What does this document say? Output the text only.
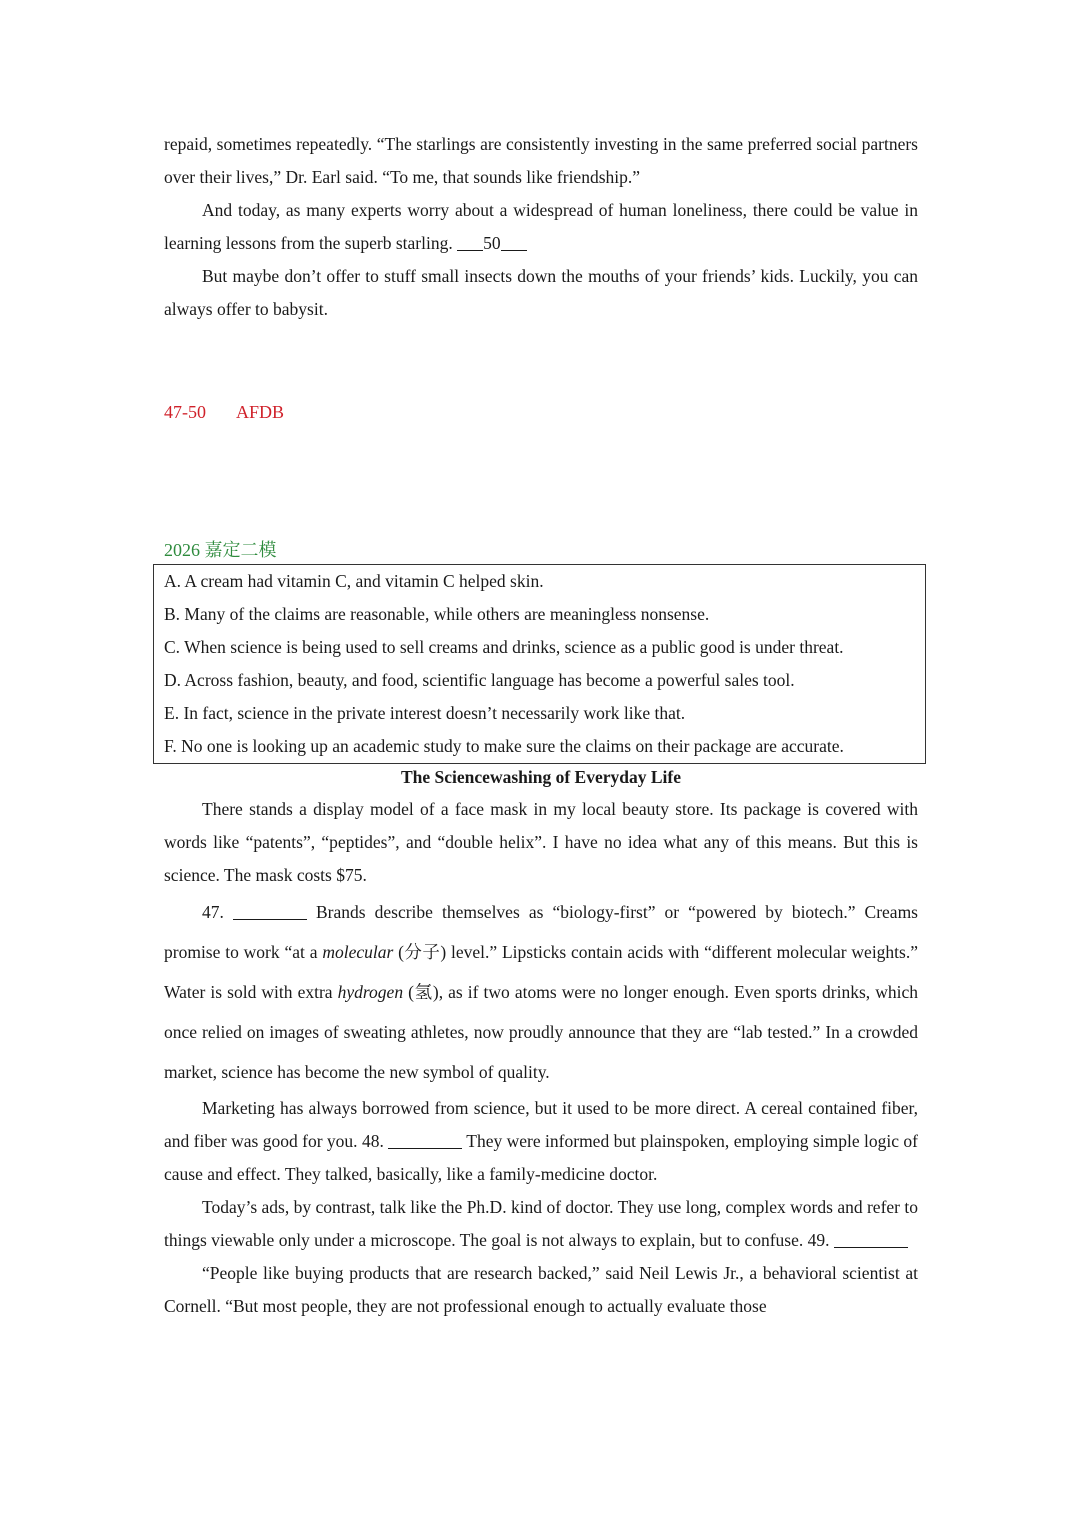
repaid, sometimes repeatedly. “The starlings are consistently investing in the same preferred social partners over their lives,” Dr. Earl said. “To me, that sounds like friendship.”

And today, as many experts worry about a widespread of human loneliness, there could be value in learning lessons from the superb starling. 50

But maybe don’t offer to stuff small insects down the mouths of your friends’ kids. Luckily, you can always offer to babysit.

47-50 AFDB
2026 嘉定二模
A. A cream had vitamin C, and vitamin C helped skin.
B. Many of the claims are reasonable, while others are meaningless nonsense.
C. When science is being used to sell creams and drinks, science as a public good is under threat.
D. Across fashion, beauty, and food, scientific language has become a powerful sales tool.
E. In fact, science in the private interest doesn’t necessarily work like that.
F. No one is looking up an academic study to make sure the claims on their package are accurate.
The Sciencewashing of Everyday Life

There stands a display model of a face mask in my local beauty store. Its package is covered with words like “patents”, “peptides”, and “double helix”. I have no idea what any of this means. But this is science. The mask costs $75.

47.	Brands describe themselves as “biology-first” or “powered by biotech.” Creams promise to work “at a molecular (分子) level.” Lipsticks contain acids with “different molecular weights.” Water is sold with extra hydrogen (氢), as if two atoms were no longer enough. Even sports drinks, which once relied on images of sweating athletes, now proudly announce that they are “lab tested.” In a crowded market, science has become the new symbol of quality.

Marketing has always borrowed from science, but it used to be more direct. A cereal contained fiber, and fiber was good for you. 48.	They were informed but plainspoken, employing simple logic of cause and effect. They talked, basically, like a family-medicine doctor.

Today’s ads, by contrast, talk like the Ph.D. kind of doctor. They use long, complex words and refer to things viewable only under a microscope. The goal is not always to explain, but to confuse. 49.

“People like buying products that are research backed,” said Neil Lewis Jr., a behavioral scientist at Cornell. “But most people, they are not professional enough to actually evaluate those
